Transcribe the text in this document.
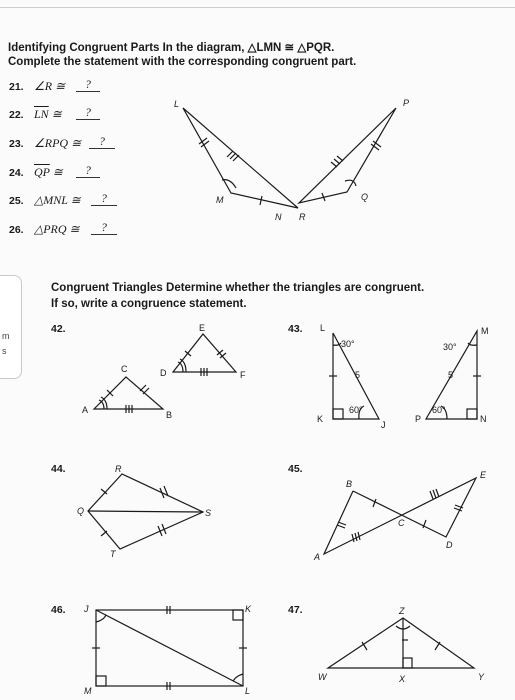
m
s
Identifying Congruent Parts In the diagram, △LMN ≅ △PQR.
Complete the statement with the corresponding congruent part.
21. ∠R ≅	?
22. $\overline{LN}$ ≅	?
23. ∠RPQ ≅	?
24. $\overline{QP}$ ≅	?
25. △MNL ≅	?
26. △PRQ ≅	?
Congruent Triangles Determine whether the triangles are congruent.
If so, write a congruence statement.
42.	43.
44.	45.
46.	47.
L
M
N R
Q
P
C
A	B
E
D	F
L
K
J
M
P	N
30°
60°
30°
60°
5	5
R
Q	S
T
B
E
C
D
A
J	K
M	L
Z
W	X	Y
